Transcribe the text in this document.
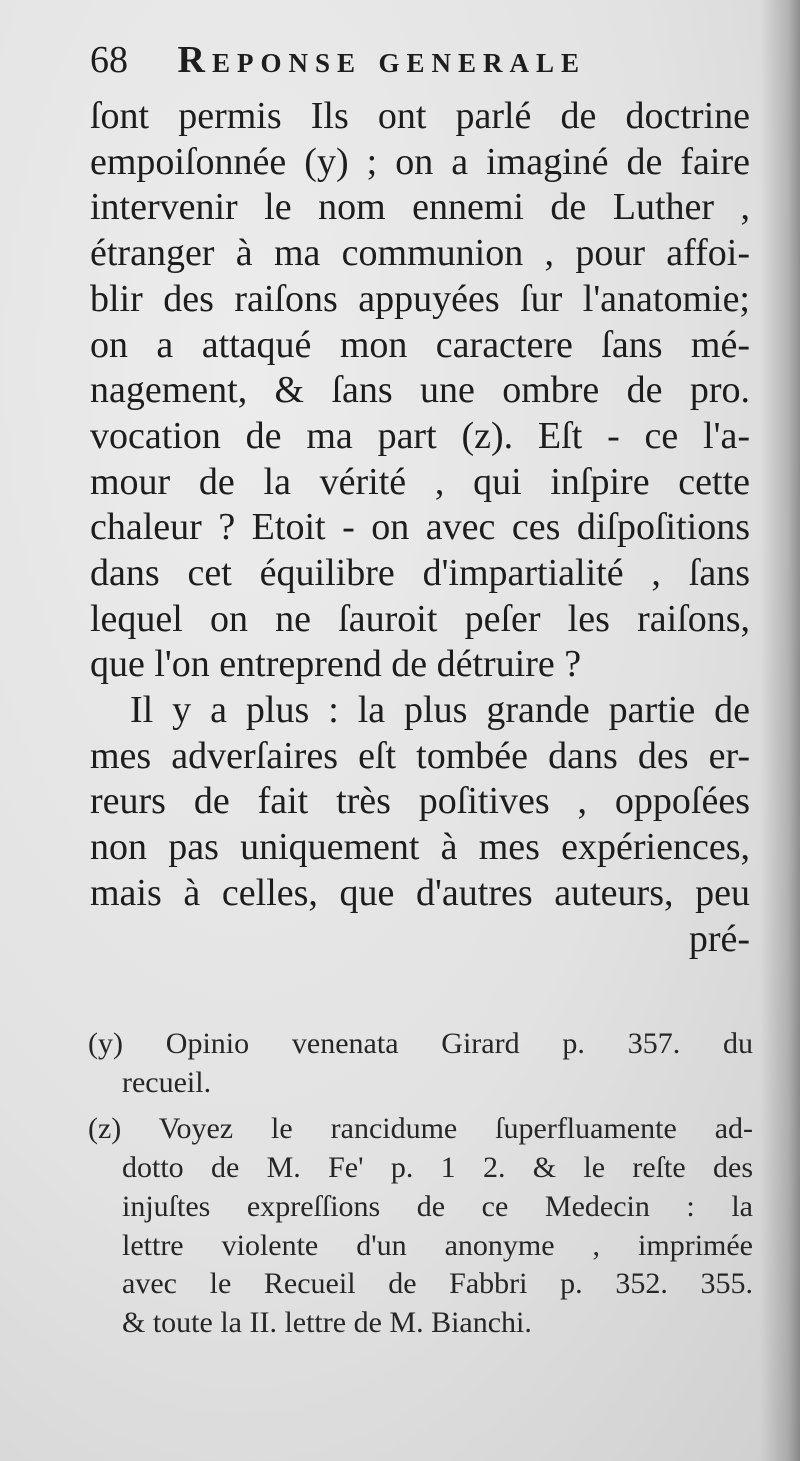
68 Reponse generale
ſont permis Ils ont parlé de doctrine
empoiſonnée (y) ; on a imaginé de faire
intervenir le nom ennemi de Luther ,
étranger à ma communion , pour affoi-
blir des raiſons appuyées ſur l'anatomie;
on a attaqué mon caractere ſans mé-
nagement, & ſans une ombre de pro.
vocation de ma part (z). Eſt - ce l'a-
mour de la vérité , qui inſpire cette
chaleur ? Etoit - on avec ces diſpoſitions
dans cet équilibre d'impartialité , ſans
lequel on ne ſauroit peſer les raiſons,
que l'on entreprend de détruire ?
Il y a plus : la plus grande partie de
mes adverſaires eſt tombée dans des er-
reurs de fait très poſitives , oppoſées
non pas uniquement à mes expériences,
mais à celles, que d'autres auteurs, peu
pré-
(y) Opinio venenata Girard p. 357. du
recueil.
(z) Voyez le rancidume ſuperfluamente ad-
dotto de M. Fe' p. 1 2. & le reſte des
injuſtes expreſſions de ce Medecin : la
lettre violente d'un anonyme , imprimée
avec le Recueil de Fabbri p. 352. 355.
& toute la II. lettre de M. Bianchi.
